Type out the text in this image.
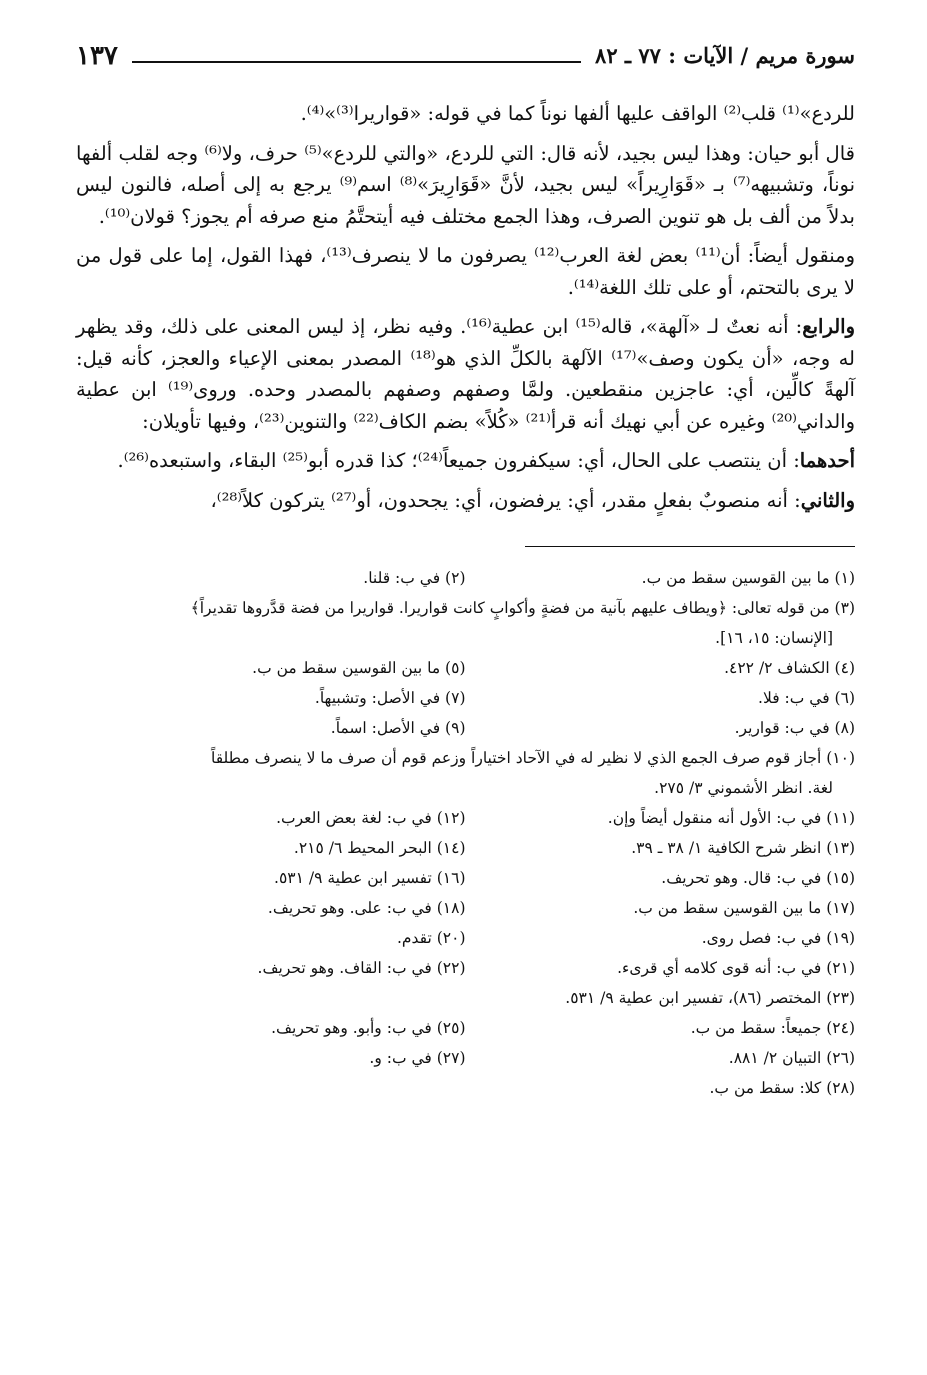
سورة مريم / الآيات : ٧٧ ـ ٨٢
١٣٧

للردع»⁽¹⁾ قلب⁽²⁾ الواقف عليها ألفها نوناً كما في قوله: «قواريرا⁽³⁾»⁽⁴⁾.

قال أبو حيان: وهذا ليس بجيد، لأنه قال: التي للردع، «والتي للردع»⁽⁵⁾ حرف، ولا⁽⁶⁾ وجه لقلب ألفها نوناً، وتشبيهه⁽⁷⁾ بـ «قَوَارِيراً» ليس بجيد، لأنَّ «قَوَارِيرَ»⁽⁸⁾ اسم⁽⁹⁾ يرجع به إلى أصله، فالنون ليس بدلاً من ألف بل هو تنوين الصرف، وهذا الجمع مختلف فيه أيتحتَّمُ منع صرفه أم يجوز؟ قولان⁽¹⁰⁾.

ومنقول أيضاً: أن⁽¹¹⁾ بعض لغة العرب⁽¹²⁾ يصرفون ما لا ينصرف⁽¹³⁾، فهذا القول، إما على قول من لا يرى بالتحتم، أو على تلك اللغة⁽¹⁴⁾.

والرابع: أنه نعتٌ لـ «آلهة»، قاله⁽¹⁵⁾ ابن عطية⁽¹⁶⁾. وفيه نظر، إذ ليس المعنى على ذلك، وقد يظهر له وجه، «أن يكون وصف»⁽¹⁷⁾ الآلهة بالكلِّ الذي هو⁽¹⁸⁾ المصدر بمعنى الإعياء والعجز، كأنه قيل: آلهةً كالِّين، أي: عاجزين منقطعين. ولمَّا وصفهم وصفهم بالمصدر وحده. وروى⁽¹⁹⁾ ابن عطية والداني⁽²⁰⁾ وغيره عن أبي نهيك أنه قرأ⁽²¹⁾ «كُلاً» بضم الكاف⁽²²⁾ والتنوين⁽²³⁾، وفيها تأويلان:

أحدهما: أن ينتصب على الحال، أي: سيكفرون جميعاً⁽²⁴⁾؛ كذا قدره أبو⁽²⁵⁾ البقاء، واستبعده⁽²⁶⁾.

والثاني: أنه منصوبٌ بفعلٍ مقدر، أي: يرفضون، أي: يجحدون، أو⁽²⁷⁾ يتركون كلاً⁽²⁸⁾،

(١) ما بين القوسين سقط من ب.
(٢) في ب: قلنا.
(٣) من قوله تعالى: ﴿ويطاف عليهم بآنية من فضةٍ وأكوابٍ كانت قواريرا. قواريرا من فضة قدَّروها تقديراً﴾
[الإنسان: ١٥، ١٦].
(٤) الكشاف ٢/ ٤٢٢.
(٥) ما بين القوسين سقط من ب.
(٦) في ب: فلا.
(٧) في الأصل: وتشبيهاً.
(٨) في ب: قوارير.
(٩) في الأصل: اسماً.
(١٠) أجاز قوم صرف الجمع الذي لا نظير له في الآحاد اختياراً وزعم قوم أن صرف ما لا ينصرف مطلقاً
لغة. انظر الأشموني ٣/ ٢٧٥.
(١١) في ب: الأول أنه منقول أيضاً وإن.
(١٢) في ب: لغة بعض العرب.
(١٣) انظر شرح الكافية ١/ ٣٨ ـ ٣٩.
(١٤) البحر المحيط ٦/ ٢١٥.
(١٥) في ب: قال. وهو تحريف.
(١٦) تفسير ابن عطية ٩/ ٥٣١.
(١٧) ما بين القوسين سقط من ب.
(١٨) في ب: على. وهو تحريف.
(١٩) في ب: فصل روى.
(٢٠) تقدم.
(٢١) في ب: أنه قوى كلامه أي قرىء.
(٢٢) في ب: القاف. وهو تحريف.
(٢٣) المختصر (٨٦)، تفسير ابن عطية ٩/ ٥٣١.
(٢٤) جميعاً: سقط من ب.
(٢٥) في ب: وأبو. وهو تحريف.
(٢٦) التبيان ٢/ ٨٨١.
(٢٧) في ب: و.
(٢٨) كلا: سقط من ب.
